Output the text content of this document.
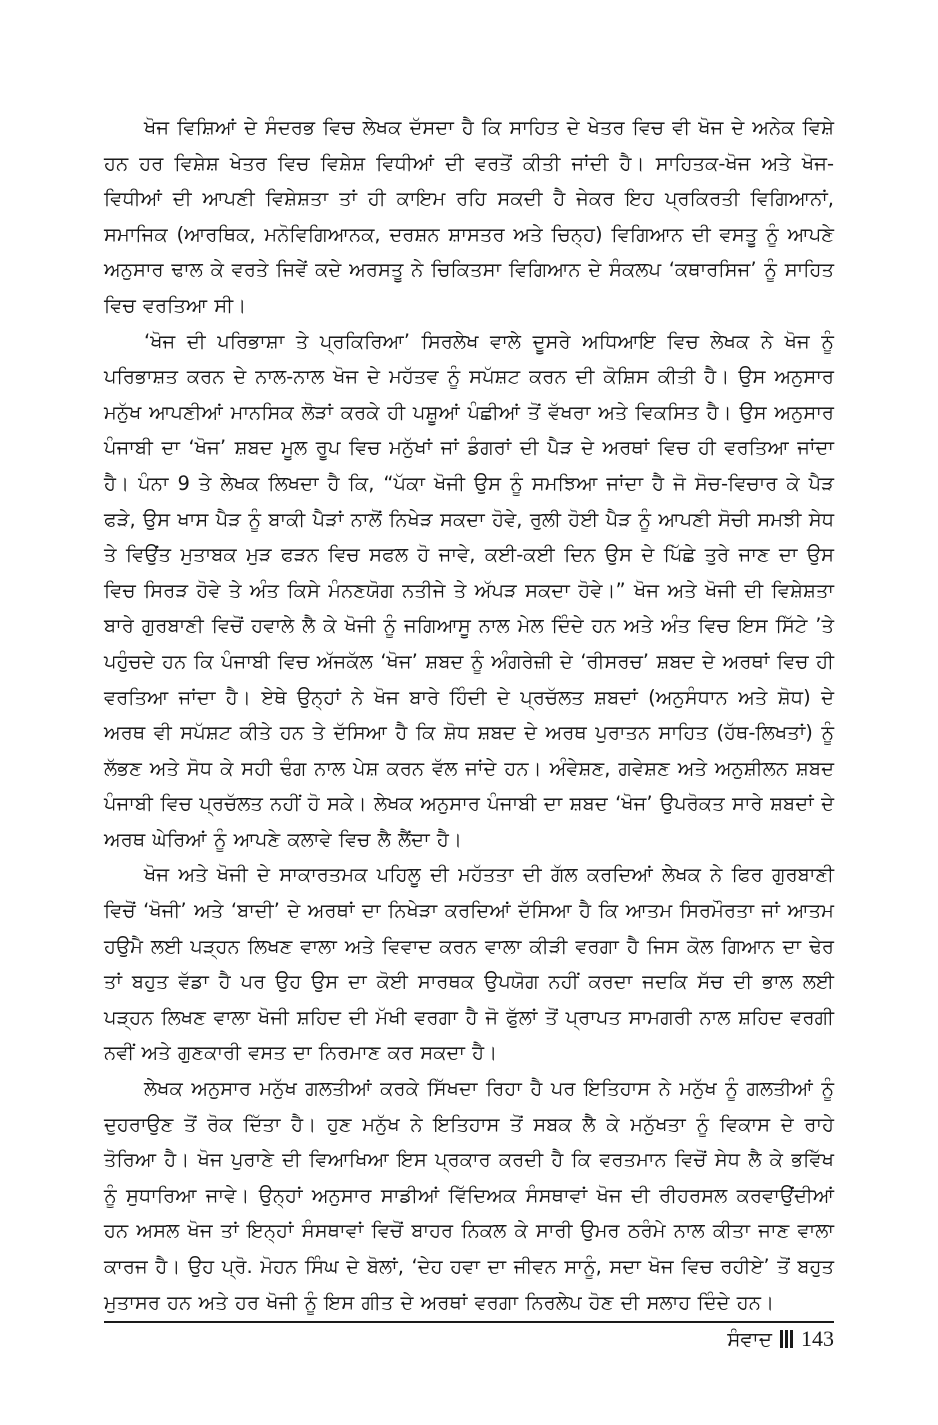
ਖੋਜ ਵਿਸ਼ਿਆਂ ਦੇ ਸੰਦਰਭ ਵਿਚ ਲੇਖਕ ਦੱਸਦਾ ਹੈ ਕਿ ਸਾਹਿਤ ਦੇ ਖੇਤਰ ਵਿਚ ਵੀ ਖੋਜ ਦੇ ਅਨੇਕ ਵਿਸ਼ੇ ਹਨ ਹਰ ਵਿਸ਼ੇਸ਼ ਖੇਤਰ ਵਿਚ ਵਿਸ਼ੇਸ਼ ਵਿਧੀਆਂ ਦੀ ਵਰਤੋਂ ਕੀਤੀ ਜਾਂਦੀ ਹੈ। ਸਾਹਿਤਕ-ਖੋਜ ਅਤੇ ਖੋਜ-ਵਿਧੀਆਂ ਦੀ ਆਪਣੀ ਵਿਸ਼ੇਸ਼ਤਾ ਤਾਂ ਹੀ ਕਾਇਮ ਰਹਿ ਸਕਦੀ ਹੈ ਜੇਕਰ ਇਹ ਪ੍ਰਕਿਰਤੀ ਵਿਗਿਆਨਾਂ, ਸਮਾਜਿਕ (ਆਰਥਿਕ, ਮਨੋਵਿਗਿਆਨਕ, ਦਰਸ਼ਨ ਸ਼ਾਸਤਰ ਅਤੇ ਚਿਨ੍ਹ) ਵਿਗਿਆਨ ਦੀ ਵਸਤੂ ਨੂੰ ਆਪਣੇ ਅਨੁਸਾਰ ਢਾਲ ਕੇ ਵਰਤੇ ਜਿਵੇਂ ਕਦੇ ਅਰਸਤੂ ਨੇ ਚਿਕਿਤਸਾ ਵਿਗਿਆਨ ਦੇ ਸੰਕਲਪ ‘ਕਥਾਰਸਿਜ’ ਨੂੰ ਸਾਹਿਤ ਵਿਚ ਵਰਤਿਆ ਸੀ।

‘ਖੋਜ ਦੀ ਪਰਿਭਾਸ਼ਾ ਤੇ ਪ੍ਰਕਿਰਿਆ’ ਸਿਰਲੇਖ ਵਾਲੇ ਦੂਸਰੇ ਅਧਿਆਇ ਵਿਚ ਲੇਖਕ ਨੇ ਖੋਜ ਨੂੰ ਪਰਿਭਾਸ਼ਤ ਕਰਨ ਦੇ ਨਾਲ-ਨਾਲ ਖੋਜ ਦੇ ਮਹੱਤਵ ਨੂੰ ਸਪੱਸ਼ਟ ਕਰਨ ਦੀ ਕੋਸ਼ਿਸ ਕੀਤੀ ਹੈ। ਉਸ ਅਨੁਸਾਰ ਮਨੁੱਖ ਆਪਣੀਆਂ ਮਾਨਸਿਕ ਲੋੜਾਂ ਕਰਕੇ ਹੀ ਪਸ਼ੂਆਂ ਪੰਛੀਆਂ ਤੋਂ ਵੱਖਰਾ ਅਤੇ ਵਿਕਸਿਤ ਹੈ। ਉਸ ਅਨੁਸਾਰ ਪੰਜਾਬੀ ਦਾ ‘ਖੋਜ’ ਸ਼ਬਦ ਮੂਲ ਰੂਪ ਵਿਚ ਮਨੁੱਖਾਂ ਜਾਂ ਡੰਗਰਾਂ ਦੀ ਪੈੜ ਦੇ ਅਰਥਾਂ ਵਿਚ ਹੀ ਵਰਤਿਆ ਜਾਂਦਾ ਹੈ। ਪੰਨਾ 9 ਤੇ ਲੇਖਕ ਲਿਖਦਾ ਹੈ ਕਿ, “ਪੱਕਾ ਖੋਜੀ ਉਸ ਨੂੰ ਸਮਝਿਆ ਜਾਂਦਾ ਹੈ ਜੋ ਸੋਚ-ਵਿਚਾਰ ਕੇ ਪੈੜ ਫੜੇ, ਉਸ ਖਾਸ ਪੈੜ ਨੂੰ ਬਾਕੀ ਪੈੜਾਂ ਨਾਲੋਂ ਨਿਖੇੜ ਸਕਦਾ ਹੋਵੇ, ਰੁਲੀ ਹੋਈ ਪੈੜ ਨੂੰ ਆਪਣੀ ਸੋਚੀ ਸਮਝੀ ਸੇਧ ਤੇ ਵਿਉਂਤ ਮੁਤਾਬਕ ਮੁੜ ਫੜਨ ਵਿਚ ਸਫਲ ਹੋ ਜਾਵੇ, ਕਈ-ਕਈ ਦਿਨ ਉਸ ਦੇ ਪਿੱਛੇ ਤੁਰੇ ਜਾਣ ਦਾ ਉਸ ਵਿਚ ਸਿਰੜ ਹੋਵੇ ਤੇ ਅੰਤ ਕਿਸੇ ਮੰਨਣਯੋਗ ਨਤੀਜੇ ਤੇ ਅੱਪੜ ਸਕਦਾ ਹੋਵੇ।” ਖੋਜ ਅਤੇ ਖੋਜੀ ਦੀ ਵਿਸ਼ੇਸ਼ਤਾ ਬਾਰੇ ਗੁਰਬਾਣੀ ਵਿਚੋਂ ਹਵਾਲੇ ਲੈ ਕੇ ਖੋਜੀ ਨੂੰ ਜਗਿਆਸੂ ਨਾਲ ਮੇਲ ਦਿੰਦੇ ਹਨ ਅਤੇ ਅੰਤ ਵਿਚ ਇਸ ਸਿੱਟੇ ’ਤੇ ਪਹੁੰਚਦੇ ਹਨ ਕਿ ਪੰਜਾਬੀ ਵਿਚ ਅੱਜਕੱਲ ‘ਖੋਜ’ ਸ਼ਬਦ ਨੂੰ ਅੰਗਰੇਜ਼ੀ ਦੇ ‘ਰੀਸਰਚ’ ਸ਼ਬਦ ਦੇ ਅਰਥਾਂ ਵਿਚ ਹੀ ਵਰਤਿਆ ਜਾਂਦਾ ਹੈ। ਏਥੇ ਉਨ੍ਹਾਂ ਨੇ ਖੋਜ ਬਾਰੇ ਹਿੰਦੀ ਦੇ ਪ੍ਰਚੱਲਤ ਸ਼ਬਦਾਂ (ਅਨੁਸੰਧਾਨ ਅਤੇ ਸ਼ੋਧ) ਦੇ ਅਰਥ ਵੀ ਸਪੱਸ਼ਟ ਕੀਤੇ ਹਨ ਤੇ ਦੱਸਿਆ ਹੈ ਕਿ ਸ਼ੋਧ ਸ਼ਬਦ ਦੇ ਅਰਥ ਪੁਰਾਤਨ ਸਾਹਿਤ (ਹੱਥ-ਲਿਖਤਾਂ) ਨੂੰ ਲੱਭਣ ਅਤੇ ਸੋਧ ਕੇ ਸਹੀ ਢੰਗ ਨਾਲ ਪੇਸ਼ ਕਰਨ ਵੱਲ ਜਾਂਦੇ ਹਨ। ਅੰਵੇਸ਼ਣ, ਗਵੇਸ਼ਣ ਅਤੇ ਅਨੁਸ਼ੀਲਨ ਸ਼ਬਦ ਪੰਜਾਬੀ ਵਿਚ ਪ੍ਰਚੱਲਤ ਨਹੀਂ ਹੋ ਸਕੇ। ਲੇਖਕ ਅਨੁਸਾਰ ਪੰਜਾਬੀ ਦਾ ਸ਼ਬਦ ‘ਖੋਜ’ ਉਪਰੋਕਤ ਸਾਰੇ ਸ਼ਬਦਾਂ ਦੇ ਅਰਥ ਘੇਰਿਆਂ ਨੂੰ ਆਪਣੇ ਕਲਾਵੇ ਵਿਚ ਲੈ ਲੈਂਦਾ ਹੈ।

ਖੋਜ ਅਤੇ ਖੋਜੀ ਦੇ ਸਾਕਾਰਤਮਕ ਪਹਿਲੂ ਦੀ ਮਹੱਤਤਾ ਦੀ ਗੱਲ ਕਰਦਿਆਂ ਲੇਖਕ ਨੇ ਫਿਰ ਗੁਰਬਾਣੀ ਵਿਚੋਂ ‘ਖੋਜੀ’ ਅਤੇ ‘ਬਾਦੀ’ ਦੇ ਅਰਥਾਂ ਦਾ ਨਿਖੇੜਾ ਕਰਦਿਆਂ ਦੱਸਿਆ ਹੈ ਕਿ ਆਤਮ ਸਿਰਮੌਰਤਾ ਜਾਂ ਆਤਮ ਹਉਮੈ ਲਈ ਪੜ੍ਹਨ ਲਿਖਣ ਵਾਲਾ ਅਤੇ ਵਿਵਾਦ ਕਰਨ ਵਾਲਾ ਕੀੜੀ ਵਰਗਾ ਹੈ ਜਿਸ ਕੋਲ ਗਿਆਨ ਦਾ ਢੇਰ ਤਾਂ ਬਹੁਤ ਵੱਡਾ ਹੈ ਪਰ ਉਹ ਉਸ ਦਾ ਕੋਈ ਸਾਰਥਕ ਉਪਯੋਗ ਨਹੀਂ ਕਰਦਾ ਜਦਕਿ ਸੱਚ ਦੀ ਭਾਲ ਲਈ ਪੜ੍ਹਨ ਲਿਖਣ ਵਾਲਾ ਖੋਜੀ ਸ਼ਹਿਦ ਦੀ ਮੱਖੀ ਵਰਗਾ ਹੈ ਜੋ ਫੁੱਲਾਂ ਤੋਂ ਪ੍ਰਾਪਤ ਸਾਮਗਰੀ ਨਾਲ ਸ਼ਹਿਦ ਵਰਗੀ ਨਵੀਂ ਅਤੇ ਗੁਣਕਾਰੀ ਵਸਤ ਦਾ ਨਿਰਮਾਣ ਕਰ ਸਕਦਾ ਹੈ।

ਲੇਖਕ ਅਨੁਸਾਰ ਮਨੁੱਖ ਗਲਤੀਆਂ ਕਰਕੇ ਸਿੱਖਦਾ ਰਿਹਾ ਹੈ ਪਰ ਇਤਿਹਾਸ ਨੇ ਮਨੁੱਖ ਨੂੰ ਗਲਤੀਆਂ ਨੂੰ ਦੁਹਰਾਉਣ ਤੋਂ ਰੋਕ ਦਿੱਤਾ ਹੈ। ਹੁਣ ਮਨੁੱਖ ਨੇ ਇਤਿਹਾਸ ਤੋਂ ਸਬਕ ਲੈ ਕੇ ਮਨੁੱਖਤਾ ਨੂੰ ਵਿਕਾਸ ਦੇ ਰਾਹੇ ਤੋਰਿਆ ਹੈ। ਖੋਜ ਪੁਰਾਣੇ ਦੀ ਵਿਆਖਿਆ ਇਸ ਪ੍ਰਕਾਰ ਕਰਦੀ ਹੈ ਕਿ ਵਰਤਮਾਨ ਵਿਚੋਂ ਸੇਧ ਲੈ ਕੇ ਭਵਿੱਖ ਨੂੰ ਸੁਧਾਰਿਆ ਜਾਵੇ। ਉਨ੍ਹਾਂ ਅਨੁਸਾਰ ਸਾਡੀਆਂ ਵਿੱਦਿਅਕ ਸੰਸਥਾਵਾਂ ਖੋਜ ਦੀ ਰੀਹਰਸਲ ਕਰਵਾਉਂਦੀਆਂ ਹਨ ਅਸਲ ਖੋਜ ਤਾਂ ਇਨ੍ਹਾਂ ਸੰਸਥਾਵਾਂ ਵਿਚੋਂ ਬਾਹਰ ਨਿਕਲ ਕੇ ਸਾਰੀ ਉਮਰ ਠਰੰਮੇ ਨਾਲ ਕੀਤਾ ਜਾਣ ਵਾਲਾ ਕਾਰਜ ਹੈ। ਉਹ ਪ੍ਰੋ. ਮੋਹਨ ਸਿੰਘ ਦੇ ਬੋਲਾਂ, ‘ਦੇਹ ਹਵਾ ਦਾ ਜੀਵਨ ਸਾਨੂੰ, ਸਦਾ ਖੋਜ ਵਿਚ ਰਹੀਏ’ ਤੋਂ ਬਹੁਤ ਮੁਤਾਸਰ ਹਨ ਅਤੇ ਹਰ ਖੋਜੀ ਨੂੰ ਇਸ ਗੀਤ ਦੇ ਅਰਥਾਂ ਵਰਗਾ ਨਿਰਲੇਪ ਹੋਣ ਦੀ ਸਲਾਹ ਦਿੰਦੇ ਹਨ।

ਸੰਵਾਦ 143
